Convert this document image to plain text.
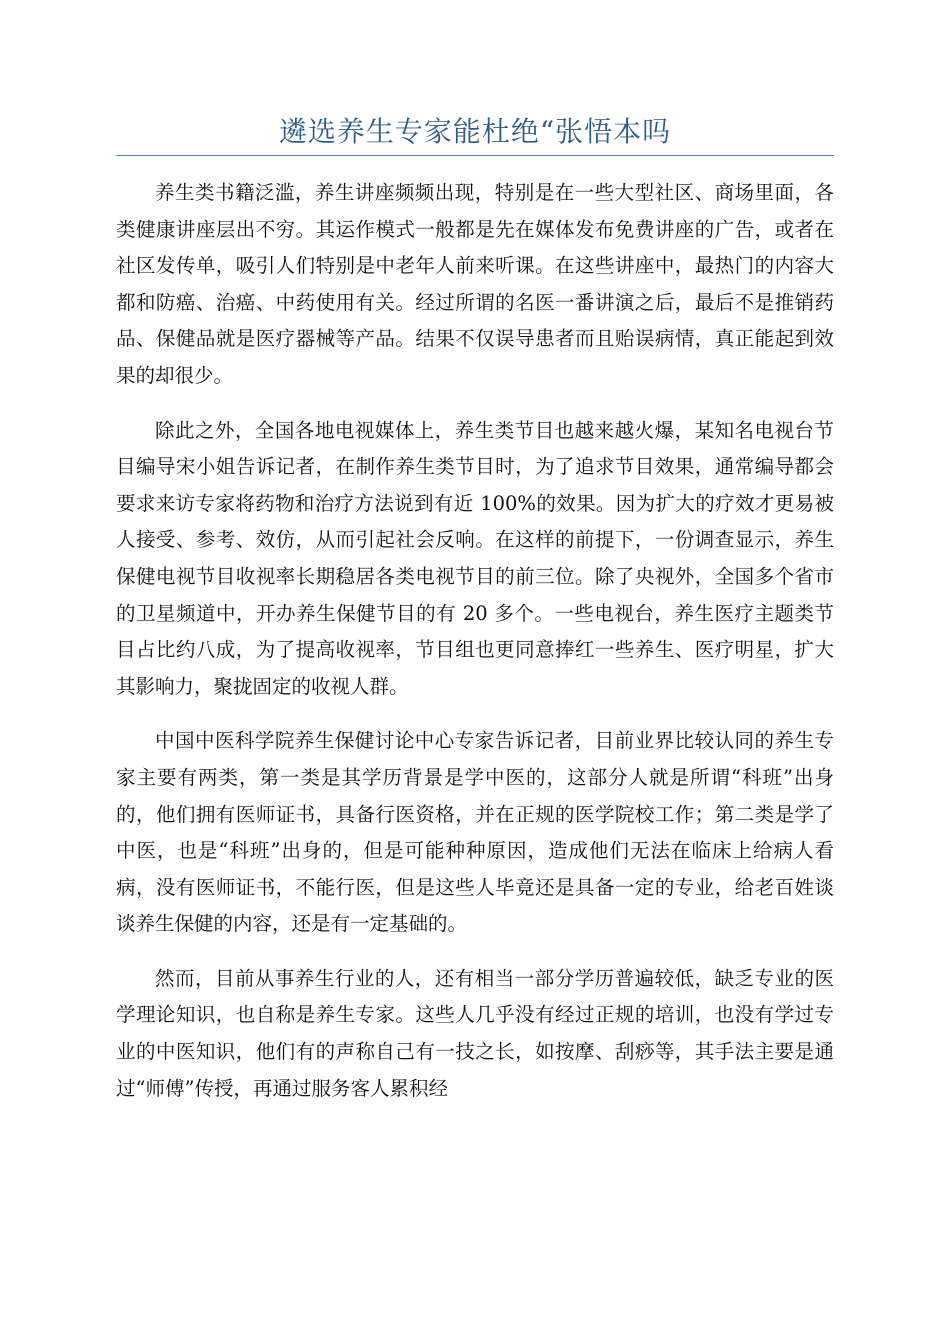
遴选养生专家能杜绝“张悟本吗

养生类书籍泛滥，养生讲座频频出现，特别是在一些大型社区、商场里面，各类健康讲座层出不穷。其运作模式一般都是先在媒体发布免费讲座的广告，或者在社区发传单，吸引人们特别是中老年人前来听课。在这些讲座中，最热门的内容大都和防癌、治癌、中药使用有关。经过所谓的名医一番讲演之后，最后不是推销药品、保健品就是医疗器械等产品。结果不仅误导患者而且贻误病情，真正能起到效果的却很少。

除此之外，全国各地电视媒体上，养生类节目也越来越火爆，某知名电视台节目编导宋小姐告诉记者，在制作养生类节目时，为了追求节目效果，通常编导都会要求来访专家将药物和治疗方法说到有近 100%的效果。因为扩大的疗效才更易被人接受、参考、效仿，从而引起社会反响。在这样的前提下，一份调查显示，养生保健电视节目收视率长期稳居各类电视节目的前三位。除了央视外，全国多个省市的卫星频道中，开办养生保健节目的有 20 多个。一些电视台，养生医疗主题类节目占比约八成，为了提高收视率，节目组也更同意捧红一些养生、医疗明星，扩大其影响力，聚拢固定的收视人群。

中国中医科学院养生保健讨论中心专家告诉记者，目前业界比较认同的养生专家主要有两类，第一类是其学历背景是学中医的，这部分人就是所谓“科班”出身的，他们拥有医师证书，具备行医资格，并在正规的医学院校工作；第二类是学了中医，也是“科班”出身的，但是可能种种原因，造成他们无法在临床上给病人看病，没有医师证书，不能行医，但是这些人毕竟还是具备一定的专业，给老百姓谈谈养生保健的内容，还是有一定基础的。

然而，目前从事养生行业的人，还有相当一部分学历普遍较低，缺乏专业的医学理论知识，也自称是养生专家。这些人几乎没有经过正规的培训，也没有学过专业的中医知识，他们有的声称自己有一技之长，如按摩、刮痧等，其手法主要是通过“师傅”传授，再通过服务客人累积经
